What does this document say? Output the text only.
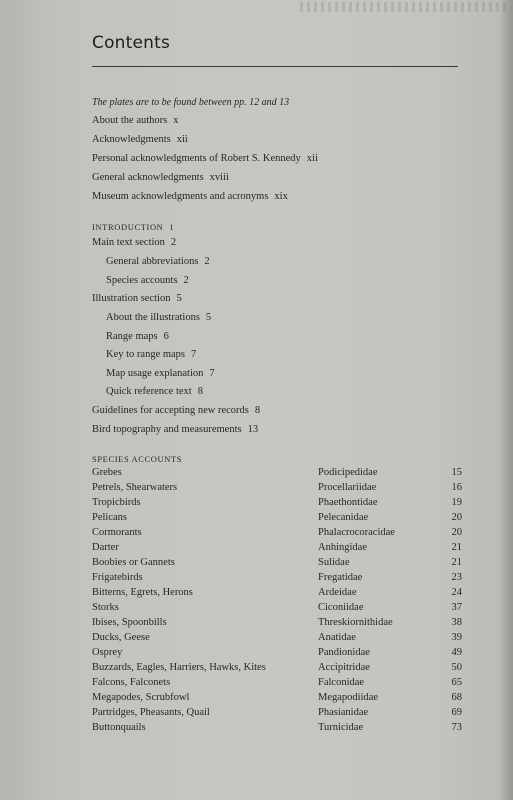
Contents
The plates are to be found between pp. 12 and 13
About the authors x
Acknowledgments xii
Personal acknowledgments of Robert S. Kennedy xii
General acknowledgments xviii
Museum acknowledgments and acronyms xix
INTRODUCTION 1
Main text section 2
General abbreviations 2
Species accounts 2
Illustration section 5
About the illustrations 5
Range maps 6
Key to range maps 7
Map usage explanation 7
Quick reference text 8
Guidelines for accepting new records 8
Bird topography and measurements 13
SPECIES ACCOUNTS
Grebes	Podicipedidae	15
Petrels, Shearwaters	Procellariidae	16
Tropicbirds	Phaethontidae	19
Pelicans	Pelecanidae	20
Cormorants	Phalacrocoracidae	20
Darter	Anhingidae	21
Boobies or Gannets	Sulidae	21
Frigatebirds	Fregatidae	23
Bitterns, Egrets, Herons	Ardeidae	24
Storks	Ciconiidae	37
Ibises, Spoonbills	Threskiornithidae	38
Ducks, Geese	Anatidae	39
Osprey	Pandionidae	49
Buzzards, Eagles, Harriers, Hawks, Kites	Accipitridae	50
Falcons, Falconets	Falconidae	65
Megapodes, Scrubfowl	Megapodiidae	68
Partridges, Pheasants, Quail	Phasianidae	69
Buttonquails	Turnicidae	73
